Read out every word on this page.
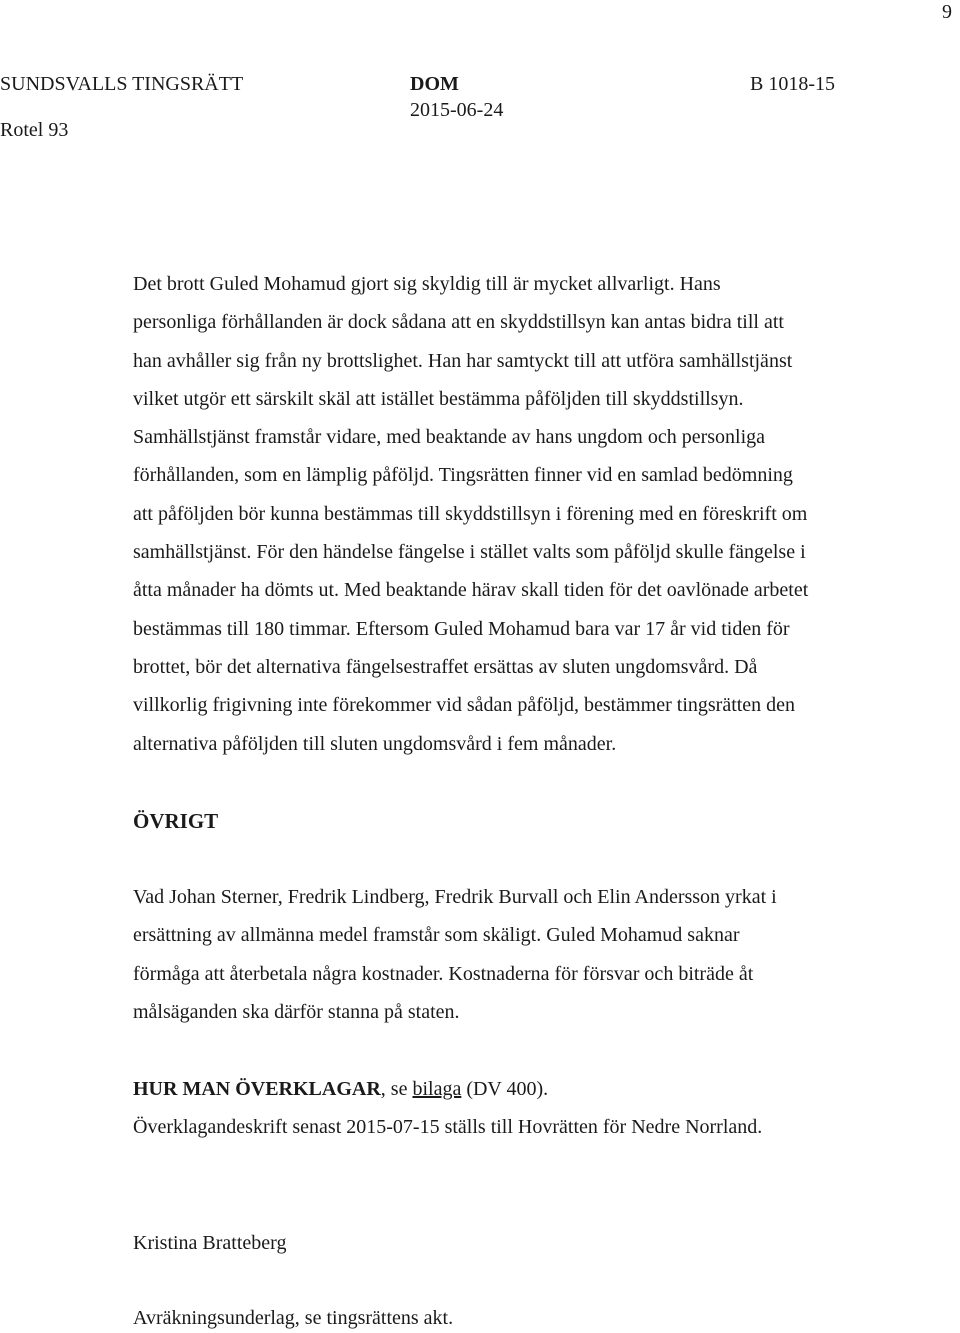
9
SUNDSVALLS TINGSRÄTT
Rotel 93
DOM
2015-06-24
B 1018-15

Det brott Guled Mohamud gjort sig skyldig till är mycket allvarligt. Hans

personliga förhållanden är dock sådana att en skyddstillsyn kan antas bidra till att

han avhåller sig från ny brottslighet. Han har samtyckt till att utföra samhällstjänst

vilket utgör ett särskilt skäl att istället bestämma påföljden till skyddstillsyn.

Samhällstjänst framstår vidare, med beaktande av hans ungdom och personliga

förhållanden, som en lämplig påföljd. Tingsrätten finner vid en samlad bedömning

att påföljden bör kunna bestämmas till skyddstillsyn i förening med en föreskrift om

samhällstjänst. För den händelse fängelse i stället valts som påföljd skulle fängelse i

åtta månader ha dömts ut. Med beaktande härav skall tiden för det oavlönade arbetet

bestämmas till 180 timmar. Eftersom Guled Mohamud bara var 17 år vid tiden för

brottet, bör det alternativa fängelsestraffet ersättas av sluten ungdomsvård. Då

villkorlig frigivning inte förekommer vid sådan påföljd, bestämmer tingsrätten den

alternativa påföljden till sluten ungdomsvård i fem månader.

ÖVRIGT

Vad Johan Sterner, Fredrik Lindberg, Fredrik Burvall och Elin Andersson yrkat i

ersättning av allmänna medel framstår som skäligt. Guled Mohamud saknar

förmåga att återbetala några kostnader. Kostnaderna för försvar och biträde åt

målsäganden ska därför stanna på staten.

HUR MAN ÖVERKLAGAR, se bilaga (DV 400).

Överklagandeskrift senast 2015-07-15 ställs till Hovrätten för Nedre Norrland.

Kristina Bratteberg
Avräkningsunderlag, se tingsrättens akt.
